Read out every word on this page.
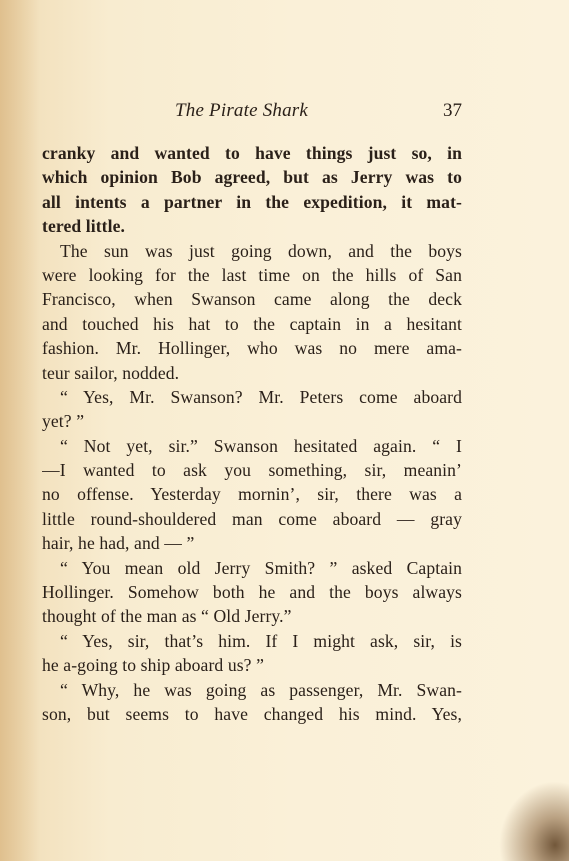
The Pirate Shark	37
cranky and wanted to have things just so, in
which opinion Bob agreed, but as Jerry was to
all intents a partner in the expedition, it mat-
tered little.
The sun was just going down, and the boys
were looking for the last time on the hills of San
Francisco, when Swanson came along the deck
and touched his hat to the captain in a hesitant
fashion. Mr. Hollinger, who was no mere ama-
teur sailor, nodded.
“ Yes, Mr. Swanson? Mr. Peters come aboard
yet? ”
“ Not yet, sir.” Swanson hesitated again. “ I
—I wanted to ask you something, sir, meanin’
no offense. Yesterday mornin’, sir, there was a
little round-shouldered man come aboard — gray
hair, he had, and — ”
“ You mean old Jerry Smith? ” asked Captain
Hollinger. Somehow both he and the boys always
thought of the man as “ Old Jerry.”
“ Yes, sir, that’s him. If I might ask, sir, is
he a-going to ship aboard us? ”
“ Why, he was going as passenger, Mr. Swan-
son, but seems to have changed his mind. Yes,
